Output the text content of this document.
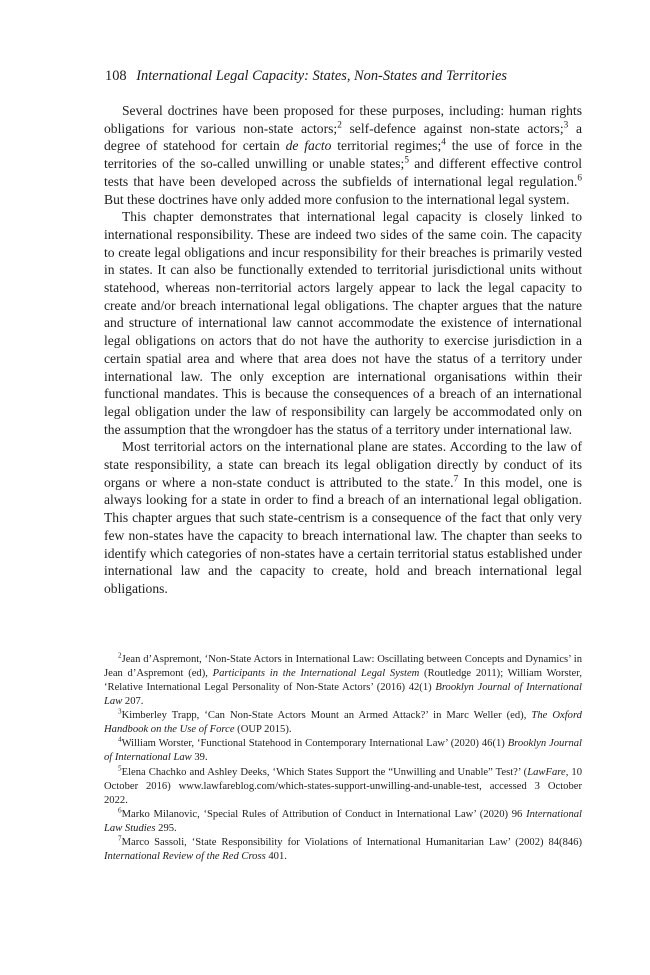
108 International Legal Capacity: States, Non-States and Territories

Several doctrines have been proposed for these purposes, including: human rights obligations for various non-state actors;$^2$ self-defence against non-state actors;$^3$ a degree of statehood for certain de facto territorial regimes;$^4$ the use of force in the territories of the so-called unwilling or unable states;$^5$ and different effective control tests that have been developed across the subfields of international legal regulation.$^6$ But these doctrines have only added more confusion to the international legal system.

This chapter demonstrates that international legal capacity is closely linked to international responsibility. These are indeed two sides of the same coin. The capacity to create legal obligations and incur responsibility for their breaches is primarily vested in states. It can also be functionally extended to territorial jurisdictional units without statehood, whereas non-territorial actors largely appear to lack the legal capacity to create and/or breach international legal obligations. The chapter argues that the nature and structure of international law cannot accommodate the existence of international legal obligations on actors that do not have the authority to exercise jurisdiction in a certain spatial area and where that area does not have the status of a territory under international law. The only exception are international organisations within their functional mandates. This is because the consequences of a breach of an international legal obligation under the law of responsibility can largely be accommodated only on the assumption that the wrongdoer has the status of a territory under international law.

Most territorial actors on the international plane are states. According to the law of state responsibility, a state can breach its legal obligation directly by conduct of its organs or where a non-state conduct is attributed to the state.$^7$ In this model, one is always looking for a state in order to find a breach of an international legal obligation. This chapter argues that such state-centrism is a consequence of the fact that only very few non-states have the capacity to breach international law. The chapter than seeks to identify which categories of non-states have a certain territorial status established under international law and the capacity to create, hold and breach international legal obligations.

$^2$Jean d’Aspremont, ‘Non-State Actors in International Law: Oscillating between Concepts and Dynamics’ in Jean d’Aspremont (ed), Participants in the International Legal System (Routledge 2011); William Worster, ‘Relative International Legal Personality of Non-State Actors’ (2016) 42(1) Brooklyn Journal of International Law 207.

$^3$Kimberley Trapp, ‘Can Non-State Actors Mount an Armed Attack?’ in Marc Weller (ed), The Oxford Handbook on the Use of Force (OUP 2015).

$^4$William Worster, ‘Functional Statehood in Contemporary International Law’ (2020) 46(1) Brooklyn Journal of International Law 39.

$^5$Elena Chachko and Ashley Deeks, ‘Which States Support the “Unwilling and Unable” Test?’ (LawFare, 10 October 2016) www.lawfareblog.com/which-states-support-unwilling-and-unable-test, accessed 3 October 2022.

$^6$Marko Milanovic, ‘Special Rules of Attribution of Conduct in International Law’ (2020) 96 International Law Studies 295.

$^7$Marco Sassoli, ‘State Responsibility for Violations of International Humanitarian Law’ (2002) 84(846) International Review of the Red Cross 401.
